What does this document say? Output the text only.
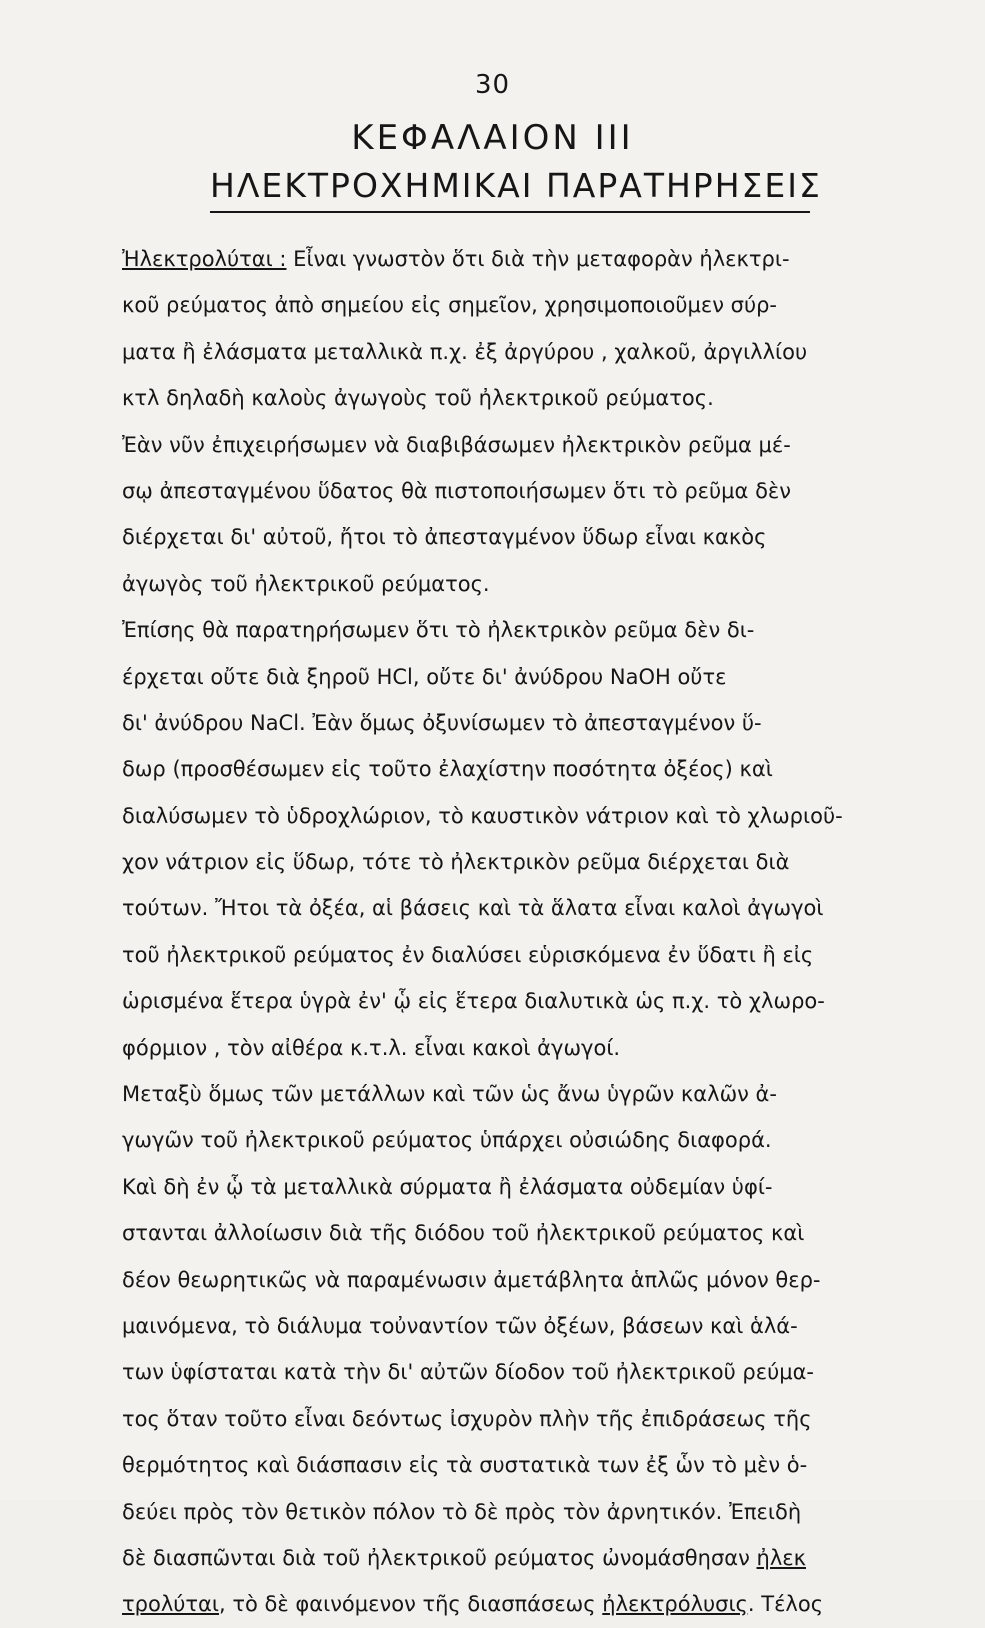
30
ΚΕΦΑΛΑΙΟΝ ΙΙΙ
ΗΛΕΚΤΡΟΧΗΜΙΚΑΙ ΠΑΡΑΤΗΡΗΣΕΙΣ
Ἠλεκτρολύται : Εἶναι γνωστὸν ὅτι διὰ τὴν μεταφορὰν ἠλεκτρι-
κοῦ ρεύματος ἀπὸ σημείου εἰς σημεῖον, χρησιμοποιοῦμεν σύρ-
ματα ἢ ἐλάσματα μεταλλικὰ π.χ. ἐξ ἀργύρου , χαλκοῦ, ἀργιλλίου
κτλ δηλαδὴ καλοὺς ἀγωγοὺς τοῦ ἠλεκτρικοῦ ρεύματος.
Ἐὰν νῦν ἐπιχειρήσωμεν νὰ διαβιβάσωμεν ἠλεκτρικὸν ρεῦμα μέ-
σῳ ἀπεσταγμένου ὕδατος θὰ πιστοποιήσωμεν ὅτι τὸ ρεῦμα δὲν
διέρχεται δι' αὐτοῦ, ἤτοι τὸ ἀπεσταγμένον ὕδωρ εἶναι κακὸς
ἀγωγὸς τοῦ ἠλεκτρικοῦ ρεύματος.
Ἐπίσης θὰ παρατηρήσωμεν ὅτι τὸ ἠλεκτρικὸν ρεῦμα δὲν δι-
έρχεται οὔτε διὰ ξηροῦ HCl, οὔτε δι' ἀνύδρου NaOH οὔτε
δι' ἀνύδρου NaCl. Ἐὰν ὅμως ὀξυνίσωμεν τὸ ἀπεσταγμένον ὕ-
δωρ (προσθέσωμεν εἰς τοῦτο ἐλαχίστην ποσότητα ὀξέος) καὶ
διαλύσωμεν τὸ ὑδροχλώριον, τὸ καυστικὸν νάτριον καὶ τὸ χλωριοῦ-
χον νάτριον εἰς ὕδωρ, τότε τὸ ἠλεκτρικὸν ρεῦμα διέρχεται διὰ
τούτων. Ἤτοι τὰ ὀξέα, αἱ βάσεις καὶ τὰ ἅλατα εἶναι καλοὶ ἀγωγοὶ
τοῦ ἠλεκτρικοῦ ρεύματος ἐν διαλύσει εὑρισκόμενα ἐν ὕδατι ἢ εἰς
ὡρισμένα ἕτερα ὑγρὰ ἐν' ᾧ εἰς ἕτερα διαλυτικὰ ὡς π.χ. τὸ χλωρο-
φόρμιον , τὸν αἰθέρα κ.τ.λ. εἶναι κακοὶ ἀγωγοί.
Μεταξὺ ὅμως τῶν μετάλλων καὶ τῶν ὡς ἄνω ὑγρῶν καλῶν ἀ-
γωγῶν τοῦ ἠλεκτρικοῦ ρεύματος ὑπάρχει οὐσιώδης διαφορά.
Καὶ δὴ ἐν ᾧ τὰ μεταλλικὰ σύρματα ἢ ἐλάσματα οὐδεμίαν ὑφί-
στανται ἀλλοίωσιν διὰ τῆς διόδου τοῦ ἠλεκτρικοῦ ρεύματος καὶ
δέον θεωρητικῶς νὰ παραμένωσιν ἀμετάβλητα ἁπλῶς μόνον θερ-
μαινόμενα, τὸ διάλυμα τοὐναντίον τῶν ὀξέων, βάσεων καὶ ἁλά-
των ὑφίσταται κατὰ τὴν δι' αὐτῶν δίοδον τοῦ ἠλεκτρικοῦ ρεύμα-
τος ὅταν τοῦτο εἶναι δεόντως ἰσχυρὸν πλὴν τῆς ἐπιδράσεως τῆς
θερμότητος καὶ διάσπασιν εἰς τὰ συστατικὰ των ἐξ ὧν τὸ μὲν ὁ-
δεύει πρὸς τὸν θετικὸν πόλον τὸ δὲ πρὸς τὸν ἀρνητικόν. Ἐπειδὴ
δὲ διασπῶνται διὰ τοῦ ἠλεκτρικοῦ ρεύματος ὠνομάσθησαν ἠλεκ
τρολύται, τὸ δὲ φαινόμενον τῆς διασπάσεως ἠλεκτρόλυσις. Τέλος
